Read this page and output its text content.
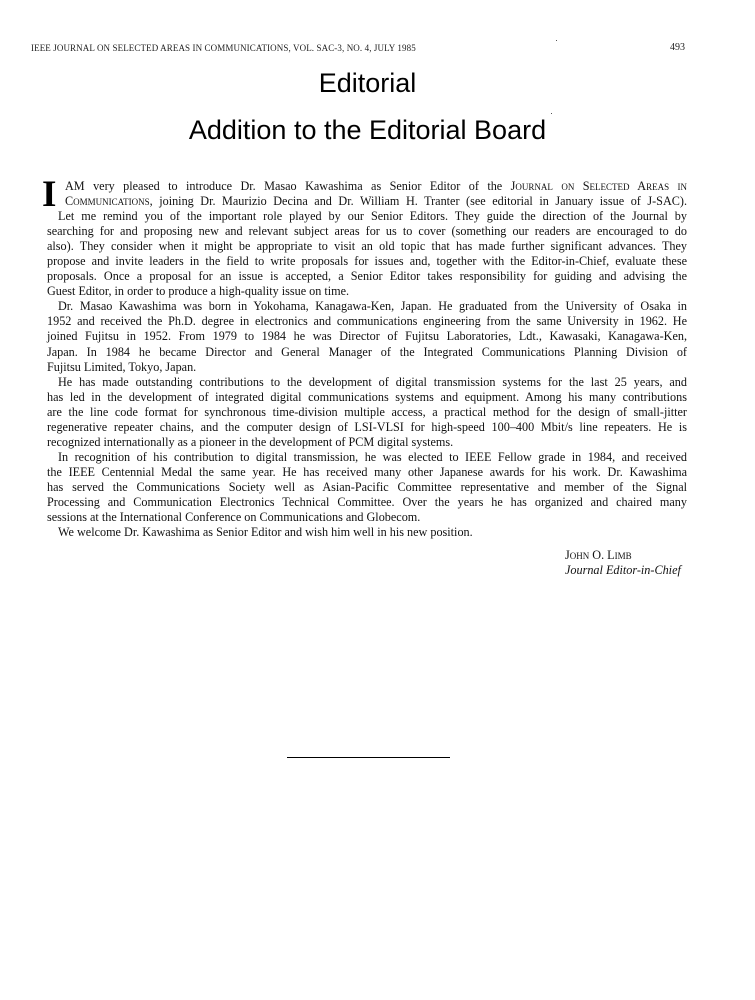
IEEE JOURNAL ON SELECTED AREAS IN COMMUNICATIONS, VOL. SAC-3, NO. 4, JULY 1985	493
Editorial
Addition to the Editorial Board
I AM very pleased to introduce Dr. Masao Kawashima as Senior Editor of the Journal on Selected Areas in
Communications, joining Dr. Maurizio Decina and Dr. William H. Tranter (see editorial in January issue of J-SAC).
Let me remind you of the important role played by our Senior Editors. They guide the direction of the Journal by
searching for and proposing new and relevant subject areas for us to cover (something our readers are encouraged to do
also). They consider when it might be appropriate to visit an old topic that has made further significant advances. They
propose and invite leaders in the field to write proposals for issues and, together with the Editor-in-Chief, evaluate these
proposals. Once a proposal for an issue is accepted, a Senior Editor takes responsibility for guiding and advising the
Guest Editor, in order to produce a high-quality issue on time.
Dr. Masao Kawashima was born in Yokohama, Kanagawa-Ken, Japan. He graduated from the University of Osaka in
1952 and received the Ph.D. degree in electronics and communications engineering from the same University in 1962. He
joined Fujitsu in 1952. From 1979 to 1984 he was Director of Fujitsu Laboratories, Ldt., Kawasaki, Kanagawa-Ken,
Japan. In 1984 he became Director and General Manager of the Integrated Communications Planning Division of
Fujitsu Limited, Tokyo, Japan.
He has made outstanding contributions to the development of digital transmission systems for the last 25 years, and
has led in the development of integrated digital communications systems and equipment. Among his many contributions
are the line code format for synchronous time-division multiple access, a practical method for the design of small-jitter
regenerative repeater chains, and the computer design of LSI-VLSI for high-speed 100–400 Mbit/s line repeaters. He is
recognized internationally as a pioneer in the development of PCM digital systems.
In recognition of his contribution to digital transmission, he was elected to IEEE Fellow grade in 1984, and received
the IEEE Centennial Medal the same year. He has received many other Japanese awards for his work. Dr. Kawashima
has served the Communications Society well as Asian-Pacific Committee representative and member of the Signal
Processing and Communication Electronics Technical Committee. Over the years he has organized and chaired many
sessions at the International Conference on Communications and Globecom.
We welcome Dr. Kawashima as Senior Editor and wish him well in his new position.
John O. Limb
Journal Editor-in-Chief
